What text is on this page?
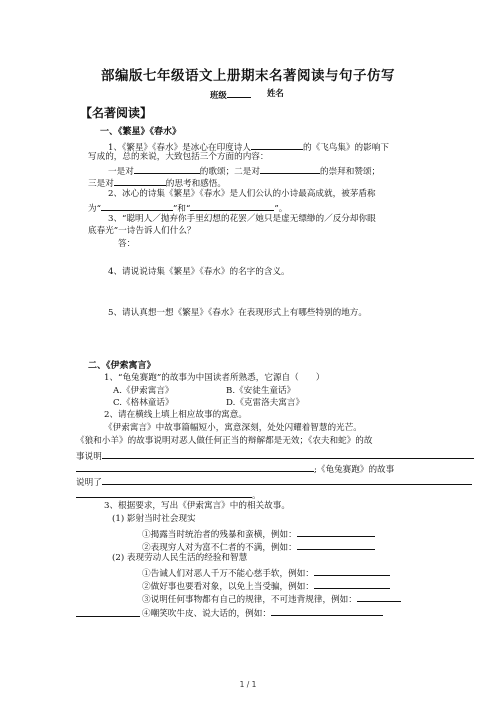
部编版七年级语文上册期末名著阅读与句子仿写
班级	姓名
【名著阅读】
一、《繁星》《春水》
1、《繁星》《春水》是冰心在印度诗人	的《飞鸟集》的影响下
写成的，总的来说，大致包括三个方面的内容：
一是对	的歌颂；二是对	的崇拜和赞颂；
三是对	的思考和感悟。
2、冰心的诗集《繁星》《春水》是人们公认的小诗最高成就，被茅盾称
为“	”和“	”。
3、“聪明人／抛弃你手里幻想的花罢／她只是虚无缥缈的／反分却你眼
底春光”一诗告诉人们什么？
答：
4、请说说诗集《繁星》《春水》的名字的含义。
5、请认真想一想《繁星》《春水》在表现形式上有哪些特别的地方。
二、《伊索寓言》
1、“龟兔赛跑”的故事为中国读者所熟悉，它源自（　　）
A.《伊索寓言》	B.《安徒生童话》
C.《格林童话》	D.《克雷洛夫寓言》
2、请在横线上填上相应故事的寓意。
《伊索寓言》中故事篇幅短小，寓意深刻，处处闪耀着智慧的光芒。
《狼和小羊》的故事说明对恶人做任何正当的辩解都是无效；《农夫和蛇》的故
事说明
;《龟兔赛跑》的故事
说明了
。
3、根据要求，写出《伊索寓言》中的相关故事。
(1) 影射当时社会现实
①揭露当时统治者的残暴和蛮横，例如：
②表现穷人对为富不仁者的不满，例如：
(2) 表现劳动人民生活的经验和智慧
①告诫人们对恶人千万不能心慈手软，例如：
②做好事也要看对象，以免上当受骗，例如：
③说明任何事物都有自己的规律，不可违背规律，例如：
④嘲笑吹牛皮、说大话的，例如：
1 / 1
